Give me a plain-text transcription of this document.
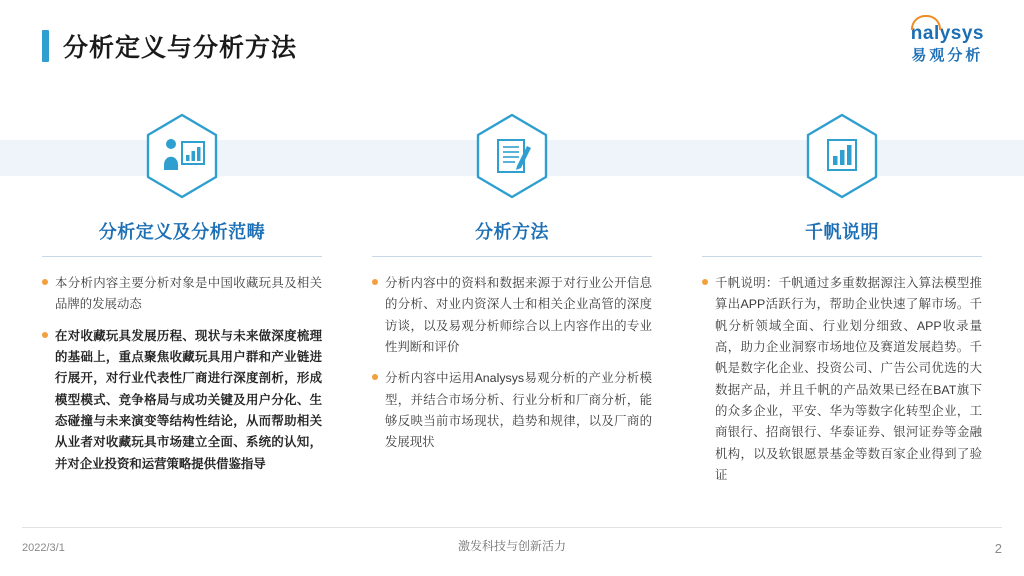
分析定义与分析方法
nalysys
易观分析
分析定义及分析范畴
本分析内容主要分析对象是中国收藏玩具及相关品牌的发展动态
在对收藏玩具发展历程、现状与未来做深度梳理的基础上，重点聚焦收藏玩具用户群和产业链进行展开，对行业代表性厂商进行深度剖析，形成模型模式、竞争格局与成功关键及用户分化、生态碰撞与未来演变等结构性结论，从而帮助相关从业者对收藏玩具市场建立全面、系统的认知，并对企业投资和运营策略提供借鉴指导
分析方法
分析内容中的资料和数据来源于对行业公开信息的分析、对业内资深人士和相关企业高管的深度访谈，以及易观分析师综合以上内容作出的专业性判断和评价
分析内容中运用Analysys易观分析的产业分析模型，并结合市场分析、行业分析和厂商分析，能够反映当前市场现状，趋势和规律，以及厂商的发展现状
千帆说明
千帆说明：千帆通过多重数据源注入算法模型推算出APP活跃行为，帮助企业快速了解市场。千帆分析领域全面、行业划分细致、APP收录量高，助力企业洞察市场地位及赛道发展趋势。千帆是数字化企业、投资公司、广告公司优选的大数据产品，并且千帆的产品效果已经在BAT旗下的众多企业，平安、华为等数字化转型企业，工商银行、招商银行、华泰证券、银河证券等金融机构，以及软银愿景基金等数百家企业得到了验证
2022/3/1	激发科技与创新活力	2
